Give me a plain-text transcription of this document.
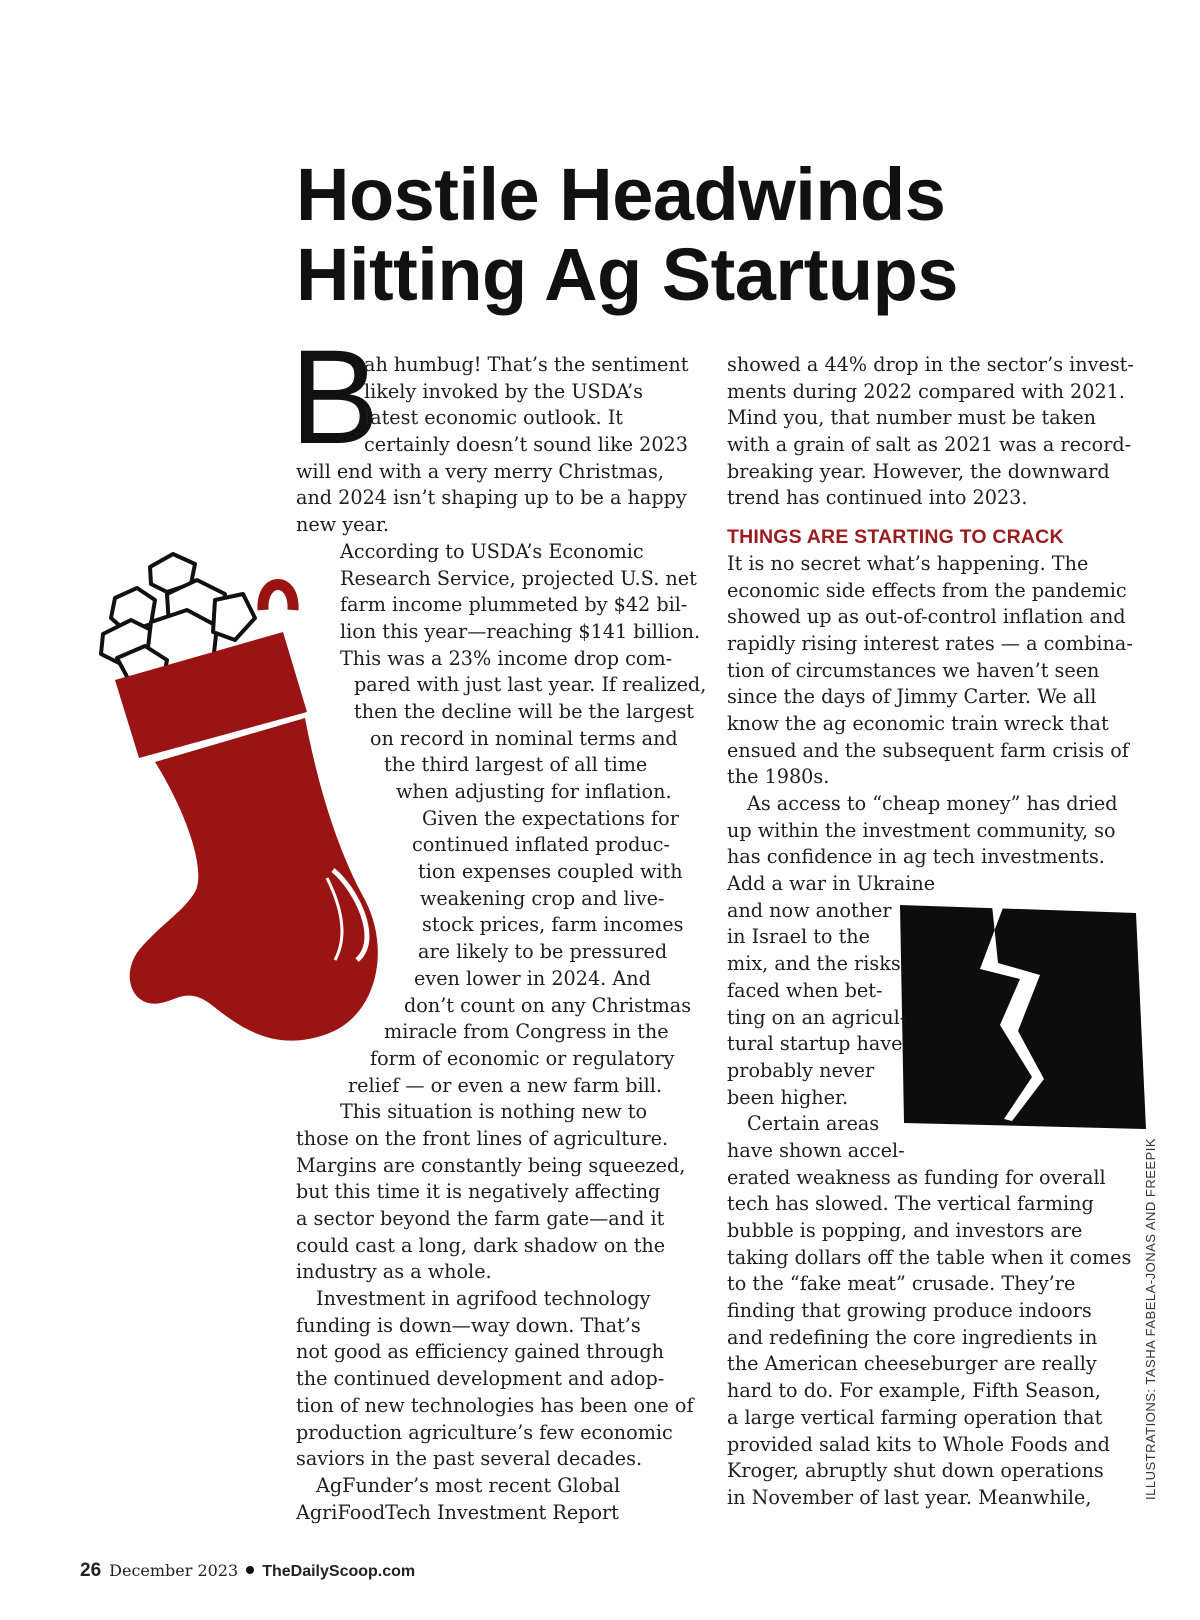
Hostile Headwinds
Hitting Ag Startups
B
ah humbug! That’s the sentiment
likely invoked by the USDA’s
latest economic outlook. It
certainly doesn’t sound like 2023
will end with a very merry Christmas,
and 2024 isn’t shaping up to be a happy
new year.
According to USDA’s Economic
Research Service, projected U.S. net
farm income plummeted by $42 bil-
lion this year—reaching $141 billion.
This was a 23% income drop com-
pared with just last year. If realized,
then the decline will be the largest
on record in nominal terms and
the third largest of all time
when adjusting for inflation.
Given the expectations for
continued inflated produc-
tion expenses coupled with
weakening crop and live-
stock prices, farm incomes
are likely to be pressured
even lower in 2024. And
don’t count on any Christmas
miracle from Congress in the
form of economic or regulatory
relief — or even a new farm bill.
This situation is nothing new to
those on the front lines of agriculture.
Margins are constantly being squeezed,
but this time it is negatively affecting
a sector beyond the farm gate—and it
could cast a long, dark shadow on the
industry as a whole.
Investment in agrifood technology
funding is down—way down. That’s
not good as efficiency gained through
the continued development and adop-
tion of new technologies has been one of
production agriculture’s few economic
saviors in the past several decades.
AgFunder’s most recent Global
AgriFoodTech Investment Report
showed a 44% drop in the sector’s invest-
ments during 2022 compared with 2021.
Mind you, that number must be taken
with a grain of salt as 2021 was a record-
breaking year. However, the downward
trend has continued into 2023.
THINGS ARE STARTING TO CRACK
It is no secret what’s happening. The
economic side effects from the pandemic
showed up as out-of-control inflation and
rapidly rising interest rates — a combina-
tion of circumstances we haven’t seen
since the days of Jimmy Carter. We all
know the ag economic train wreck that
ensued and the subsequent farm crisis of
the 1980s.
As access to “cheap money” has dried
up within the investment community, so
has confidence in ag tech investments.
Add a war in Ukraine
and now another
in Israel to the
mix, and the risks
faced when bet-
ting on an agricul-
tural startup have
probably never
been higher.
Certain areas
have shown accel-
erated weakness as funding for overall
tech has slowed. The vertical farming
bubble is popping, and investors are
taking dollars off the table when it comes
to the “fake meat” crusade. They’re
finding that growing produce indoors
and redefining the core ingredients in
the American cheeseburger are really
hard to do. For example, Fifth Season,
a large vertical farming operation that
provided salad kits to Whole Foods and
Kroger, abruptly shut down operations
in November of last year. Meanwhile,	ILLUSTRATIONS: TASHA FABELA-JONAS AND FREEPIK
26 December 2023 TheDailyScoop.com
